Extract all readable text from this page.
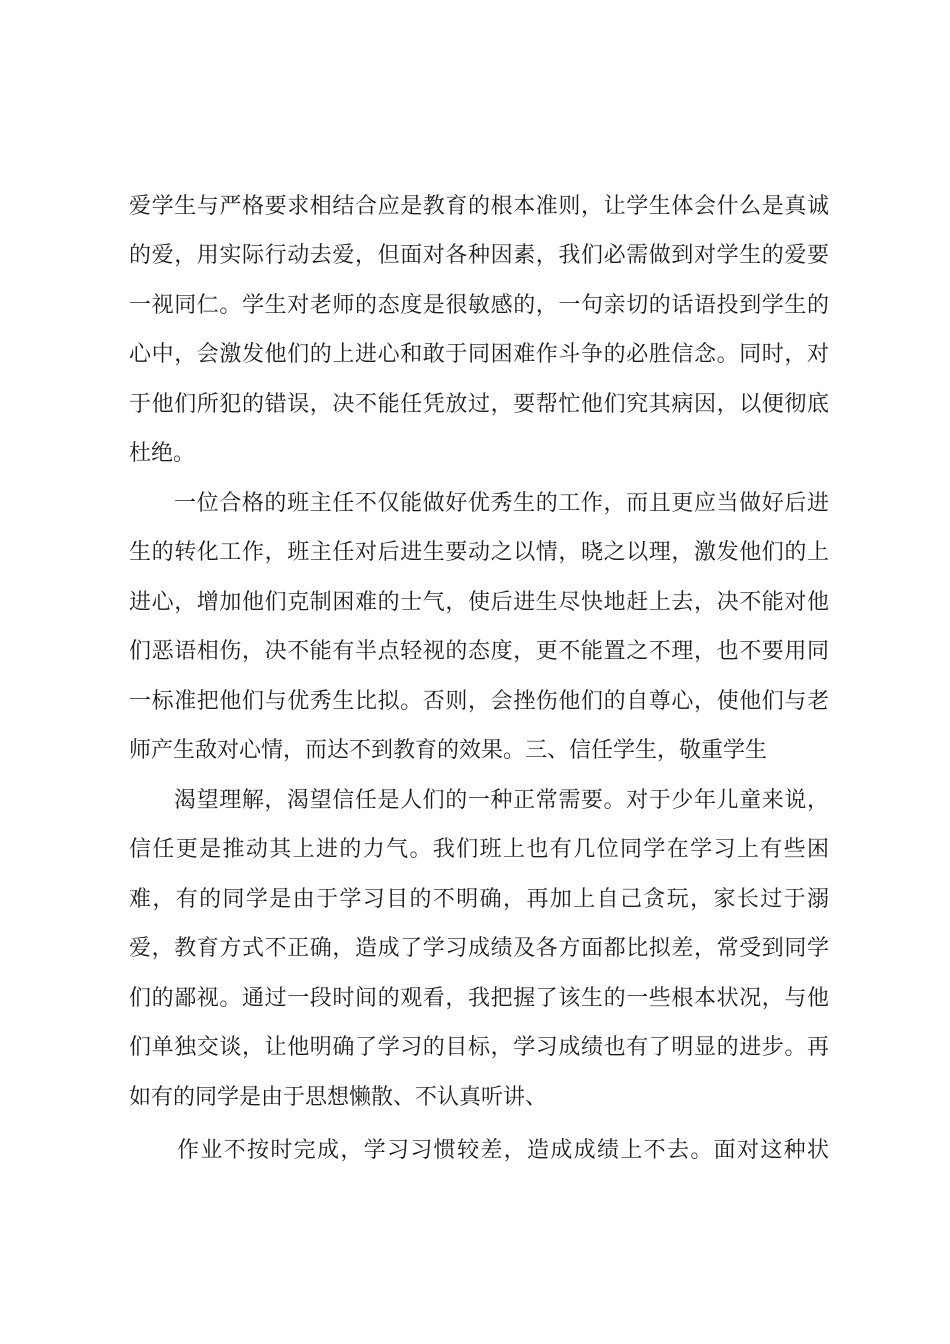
爱学生与严格要求相结合应是教育的根本准则，让学生体会什么是真诚
的爱，用实际行动去爱，但面对各种因素，我们必需做到对学生的爱要
一视同仁。学生对老师的态度是很敏感的，一句亲切的话语投到学生的
心中，会激发他们的上进心和敢于同困难作斗争的必胜信念。同时，对
于他们所犯的错误，决不能任凭放过，要帮忙他们究其病因，以便彻底
杜绝。
一位合格的班主任不仅能做好优秀生的工作，而且更应当做好后进
生的转化工作，班主任对后进生要动之以情，晓之以理，激发他们的上
进心，增加他们克制困难的士气，使后进生尽快地赶上去，决不能对他
们恶语相伤，决不能有半点轻视的态度，更不能置之不理，也不要用同
一标准把他们与优秀生比拟。否则，会挫伤他们的自尊心，使他们与老
师产生敌对心情，而达不到教育的效果。三、信任学生，敬重学生
渴望理解，渴望信任是人们的一种正常需要。对于少年儿童来说，
信任更是推动其上进的力气。我们班上也有几位同学在学习上有些困
难，有的同学是由于学习目的不明确，再加上自己贪玩，家长过于溺
爱，教育方式不正确，造成了学习成绩及各方面都比拟差，常受到同学
们的鄙视。通过一段时间的观看，我把握了该生的一些根本状况，与他
们单独交谈，让他明确了学习的目标，学习成绩也有了明显的进步。再
如有的同学是由于思想懒散、不认真听讲、
作业不按时完成，学习习惯较差，造成成绩上不去。面对这种状
